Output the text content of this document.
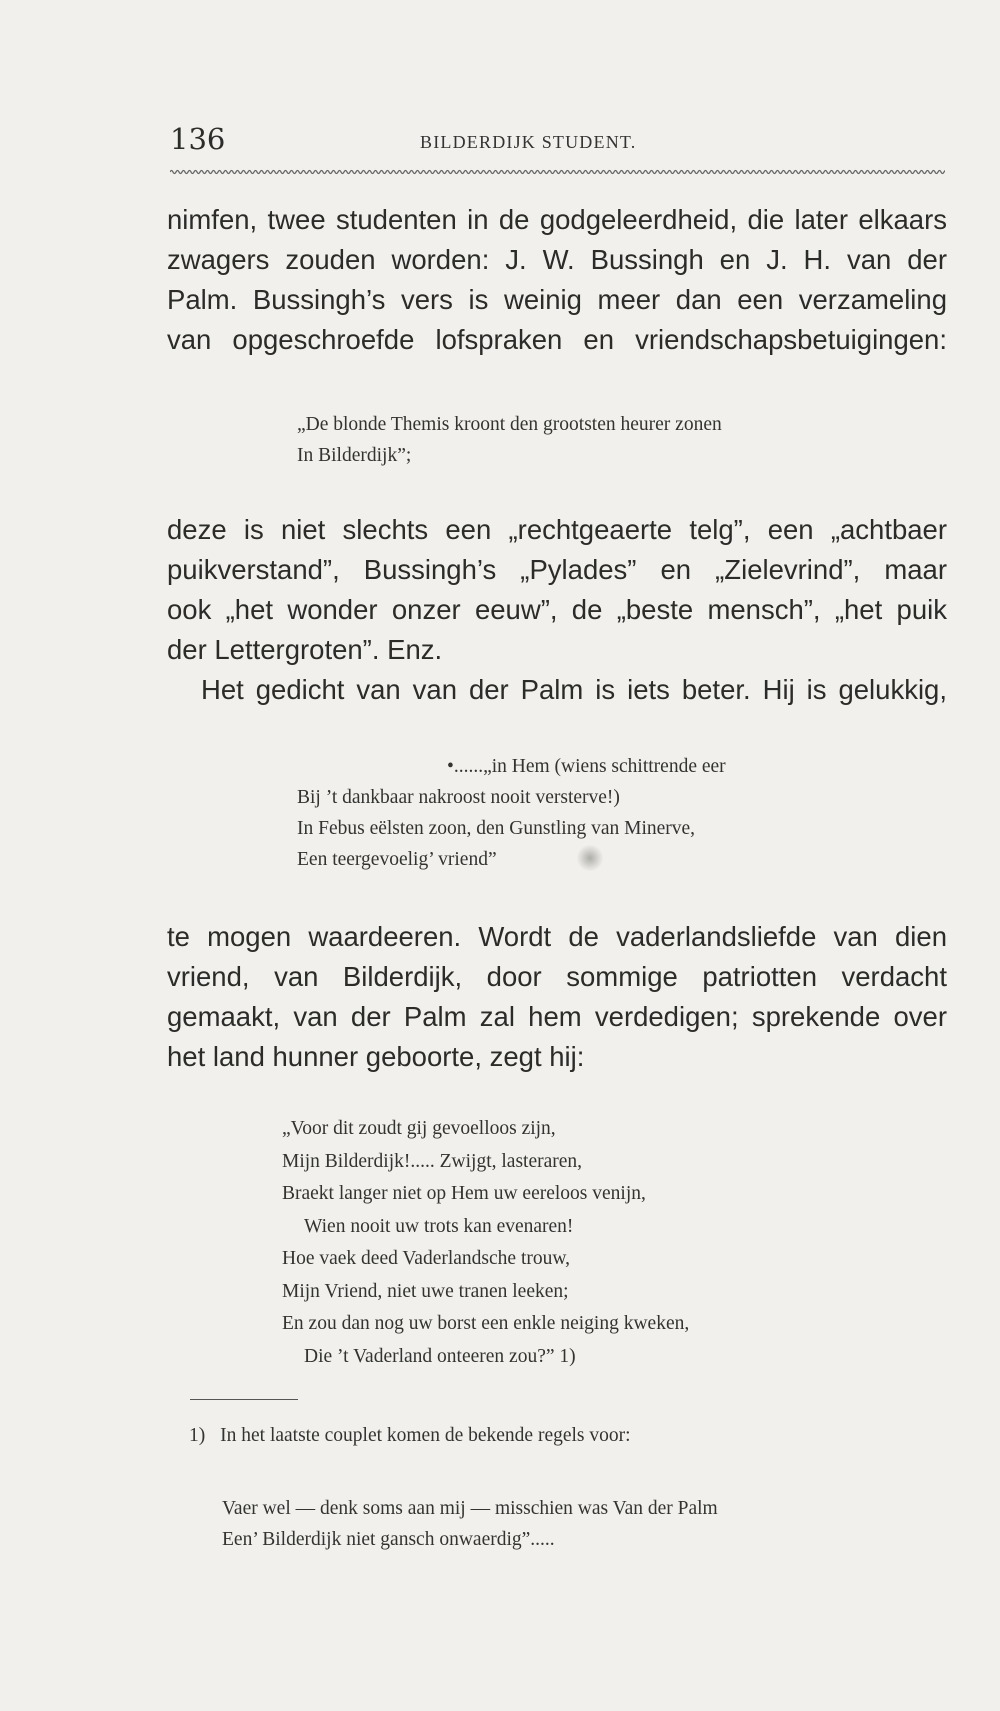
136	BILDERDIJK STUDENT.
nimfen, twee studenten in de godgeleerdheid, die later elkaars
zwagers zouden worden: J. W. Bussingh en J. H. van der
Palm. Bussingh’s vers is weinig meer dan een verzameling
van opgeschroefde lofspraken en vriendschapsbetuigingen:
„De blonde Themis kroont den grootsten heurer zonen
In Bilderdijk”;
deze is niet slechts een „rechtgeaerte telg”, een „achtbaer
puikverstand”, Bussingh’s „Pylades” en „Zielevrind”, maar
ook „het wonder onzer eeuw”, de „beste mensch”, „het puik
der Lettergroten”. Enz.
Het gedicht van van der Palm is iets beter. Hij is gelukkig,
•......„in Hem (wiens schittrende eer
Bij ’t dankbaar nakroost nooit versterve!)
In Febus eëlsten zoon, den Gunstling van Minerve,
Een teergevoelig’ vriend”
te mogen waardeeren. Wordt de vaderlandsliefde van dien
vriend, van Bilderdijk, door sommige patriotten verdacht
gemaakt, van der Palm zal hem verdedigen; sprekende over
het land hunner geboorte, zegt hij:
„Voor dit zoudt gij gevoelloos zijn,
Mijn Bilderdijk!..... Zwijgt, lasteraren,
Braekt langer niet op Hem uw eereloos venijn,
Wien nooit uw trots kan evenaren!
Hoe vaek deed Vaderlandsche trouw,
Mijn Vriend, niet uwe tranen leeken;
En zou dan nog uw borst een enkle neiging kweken,
Die ’t Vaderland onteeren zou?” 1)
1) In het laatste couplet komen de bekende regels voor:
Vaer wel — denk soms aan mij — misschien was Van der Palm
Een’ Bilderdijk niet gansch onwaerdig”.....
